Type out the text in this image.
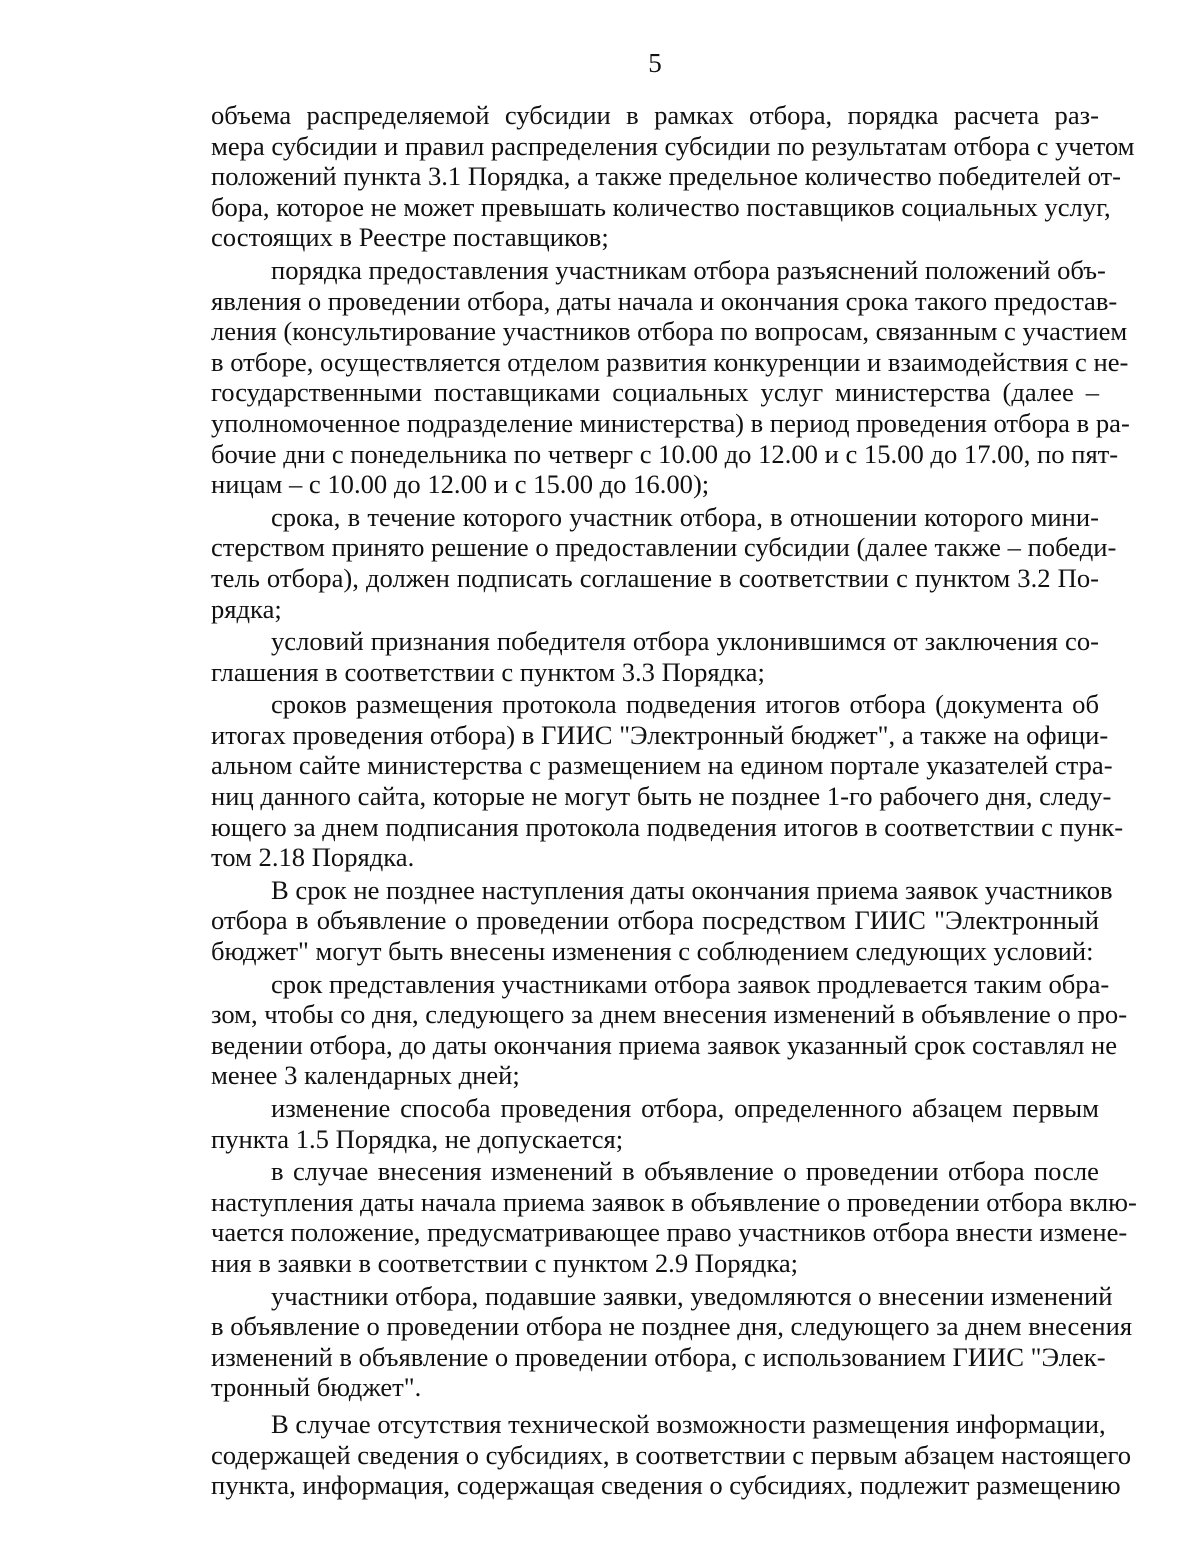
5

объема распределяемой субсидии в рамках отбора, порядка расчета раз-
мера субсидии и правил распределения субсидии по результатам отбора с учетом
положений пункта 3.1 Порядка, а также предельное количество победителей от-
бора, которое не может превышать количество поставщиков социальных услуг,
состоящих в Реестре поставщиков;

порядка предоставления участникам отбора разъяснений положений объ-
явления о проведении отбора, даты начала и окончания срока такого предостав-
ления (консультирование участников отбора по вопросам, связанным с участием
в отборе, осуществляется отделом развития конкуренции и взаимодействия с не-
государственными поставщиками социальных услуг министерства (далее –
уполномоченное подразделение министерства) в период проведения отбора в ра-
бочие дни с понедельника по четверг с 10.00 до 12.00 и с 15.00 до 17.00, по пят-
ницам – с 10.00 до 12.00 и с 15.00 до 16.00);

срока, в течение которого участник отбора, в отношении которого мини-
стерством принято решение о предоставлении субсидии (далее также – победи-
тель отбора), должен подписать соглашение в соответствии с пунктом 3.2 По-
рядка;

условий признания победителя отбора уклонившимся от заключения со-
глашения в соответствии с пунктом 3.3 Порядка;

сроков размещения протокола подведения итогов отбора (документа об
итогах проведения отбора) в ГИИС "Электронный бюджет", а также на офици-
альном сайте министерства с размещением на едином портале указателей стра-
ниц данного сайта, которые не могут быть не позднее 1-го рабочего дня, следу-
ющего за днем подписания протокола подведения итогов в соответствии с пунк-
том 2.18 Порядка.

В срок не позднее наступления даты окончания приема заявок участников
отбора в объявление о проведении отбора посредством ГИИС "Электронный
бюджет" могут быть внесены изменения с соблюдением следующих условий:

срок представления участниками отбора заявок продлевается таким обра-
зом, чтобы со дня, следующего за днем внесения изменений в объявление о про-
ведении отбора, до даты окончания приема заявок указанный срок составлял не
менее 3 календарных дней;

изменение способа проведения отбора, определенного абзацем первым
пункта 1.5 Порядка, не допускается;

в случае внесения изменений в объявление о проведении отбора после
наступления даты начала приема заявок в объявление о проведении отбора вклю-
чается положение, предусматривающее право участников отбора внести измене-
ния в заявки в соответствии с пунктом 2.9 Порядка;

участники отбора, подавшие заявки, уведомляются о внесении изменений
в объявление о проведении отбора не позднее дня, следующего за днем внесения
изменений в объявление о проведении отбора, с использованием ГИИС "Элек-
тронный бюджет".

В случае отсутствия технической возможности размещения информации,
содержащей сведения о субсидиях, в соответствии с первым абзацем настоящего
пункта, информация, содержащая сведения о субсидиях, подлежит размещению
